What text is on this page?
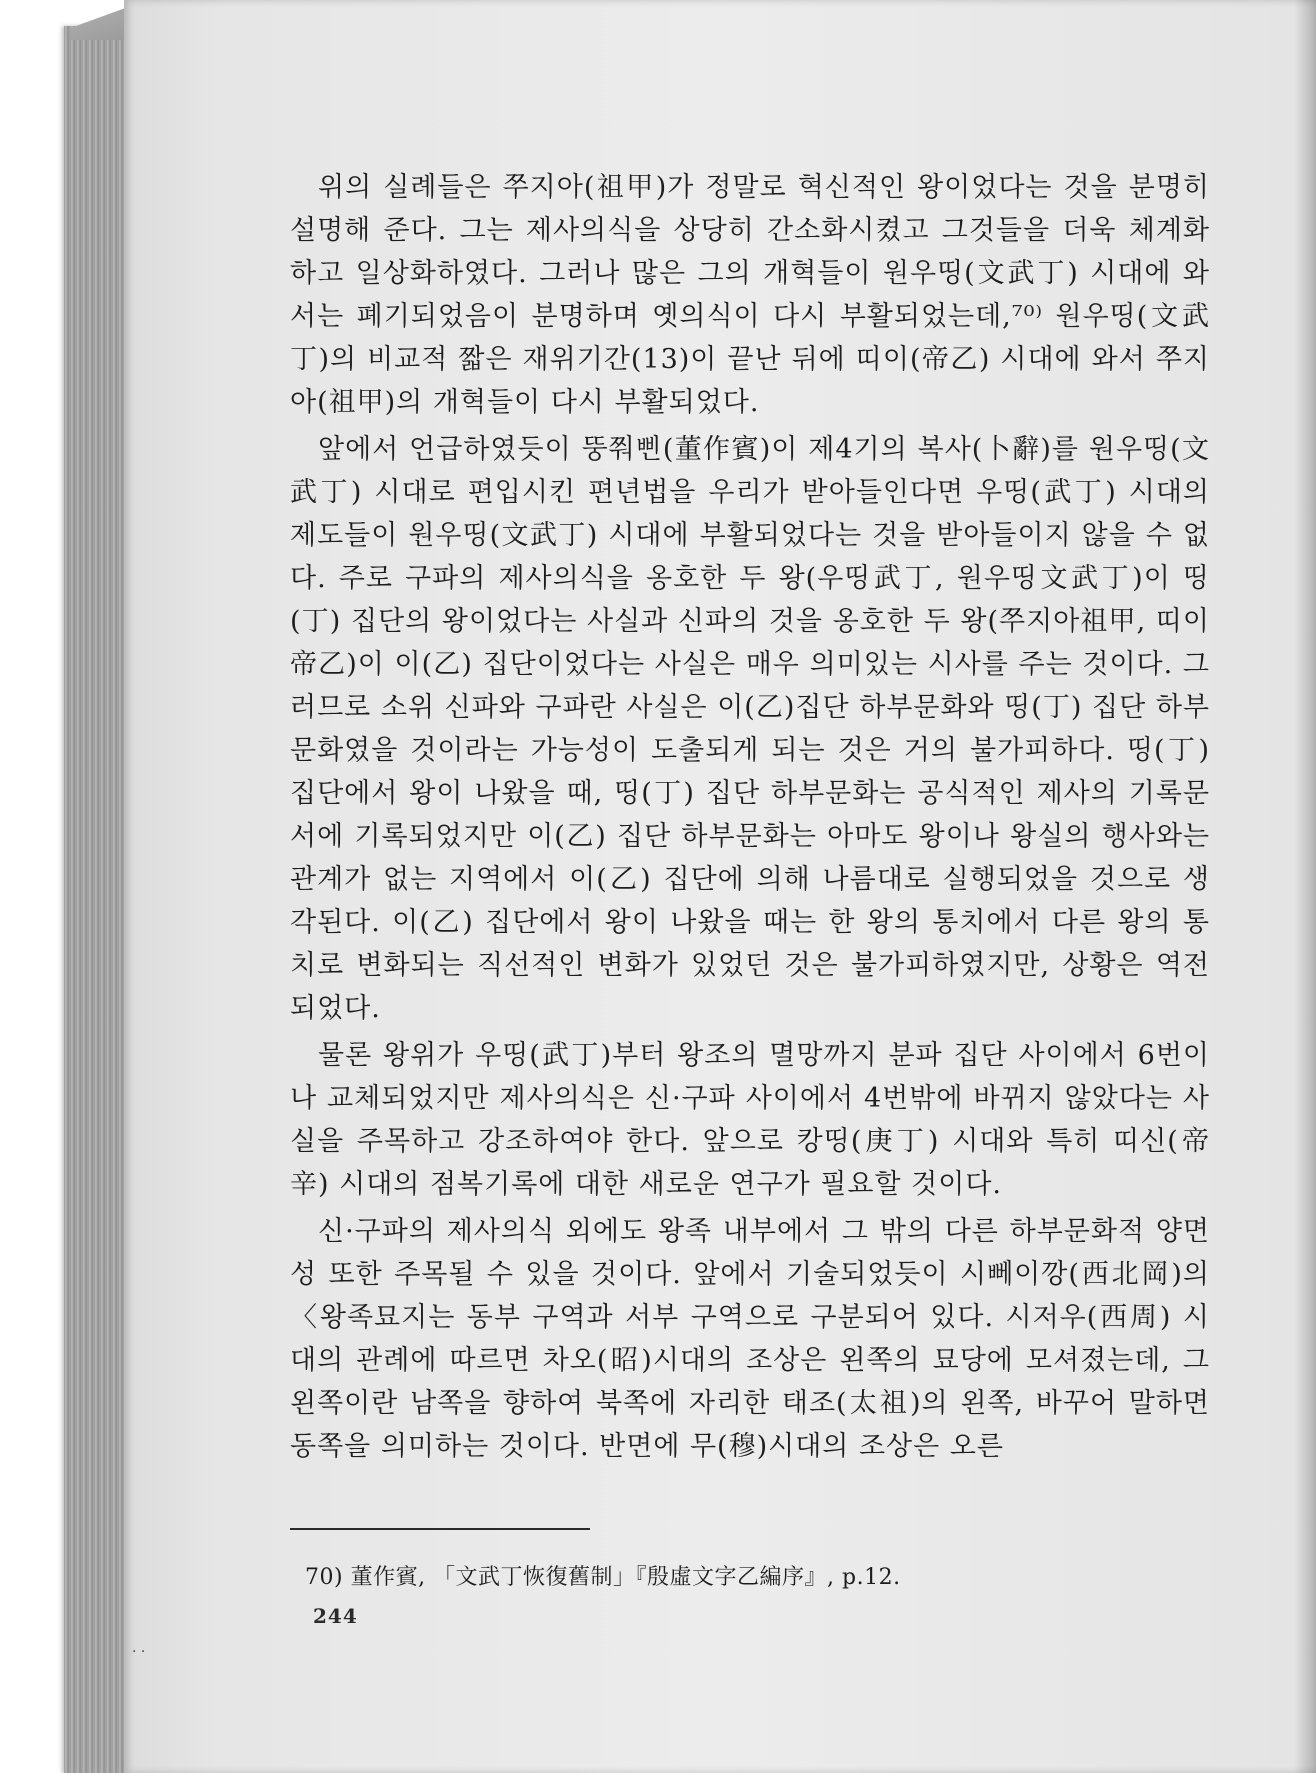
위의 실례들은 쭈지아(祖甲)가 정말로 혁신적인 왕이었다는 것을 분명히 설명해 준다. 그는 제사의식을 상당히 간소화시켰고 그것들을 더욱 체계화하고 일상화하였다. 그러나 많은 그의 개혁들이 원우띵(文武丁) 시대에 와서는 폐기되었음이 분명하며 옛의식이 다시 부활되었는데,⁷⁰⁾ 원우띵(文武丁)의 비교적 짧은 재위기간(13)이 끝난 뒤에 띠이(帝乙) 시대에 와서 쭈지아(祖甲)의 개혁들이 다시 부활되었다.

앞에서 언급하였듯이 뚱쭤삔(董作賓)이 제4기의 복사(卜辭)를 원우띵(文武丁) 시대로 편입시킨 편년법을 우리가 받아들인다면 우띵(武丁) 시대의 제도들이 원우띵(文武丁) 시대에 부활되었다는 것을 받아들이지 않을 수 없다. 주로 구파의 제사의식을 옹호한 두 왕(우띵武丁, 원우띵文武丁)이 띵(丁) 집단의 왕이었다는 사실과 신파의 것을 옹호한 두 왕(쭈지아祖甲, 띠이帝乙)이 이(乙) 집단이었다는 사실은 매우 의미있는 시사를 주는 것이다. 그러므로 소위 신파와 구파란 사실은 이(乙)집단 하부문화와 띵(丁) 집단 하부문화였을 것이라는 가능성이 도출되게 되는 것은 거의 불가피하다. 띵(丁) 집단에서 왕이 나왔을 때, 띵(丁) 집단 하부문화는 공식적인 제사의 기록문서에 기록되었지만 이(乙) 집단 하부문화는 아마도 왕이나 왕실의 행사와는 관계가 없는 지역에서 이(乙) 집단에 의해 나름대로 실행되었을 것으로 생각된다. 이(乙) 집단에서 왕이 나왔을 때는 한 왕의 통치에서 다른 왕의 통치로 변화되는 직선적인 변화가 있었던 것은 불가피하였지만, 상황은 역전되었다.

물론 왕위가 우띵(武丁)부터 왕조의 멸망까지 분파 집단 사이에서 6번이나 교체되었지만 제사의식은 신·구파 사이에서 4번밖에 바뀌지 않았다는 사실을 주목하고 강조하여야 한다. 앞으로 캉띵(庚丁) 시대와 특히 띠신(帝辛) 시대의 점복기록에 대한 새로운 연구가 필요할 것이다.

신·구파의 제사의식 외에도 왕족 내부에서 그 밖의 다른 하부문화적 양면성 또한 주목될 수 있을 것이다. 앞에서 기술되었듯이 시뻬이깡(西北岡)의 〈왕족묘지는 동부 구역과 서부 구역으로 구분되어 있다. 시저우(西周) 시대의 관례에 따르면 차오(昭)시대의 조상은 왼쪽의 묘당에 모셔졌는데, 그 왼쪽이란 남쪽을 향하여 북쪽에 자리한 태조(太祖)의 왼쪽, 바꾸어 말하면 동쪽을 의미하는 것이다. 반면에 무(穆)시대의 조상은 오른

70) 董作賓, 「文武丁恢復舊制」『殷虛文字乙編序』, p.12.
244
· ·
